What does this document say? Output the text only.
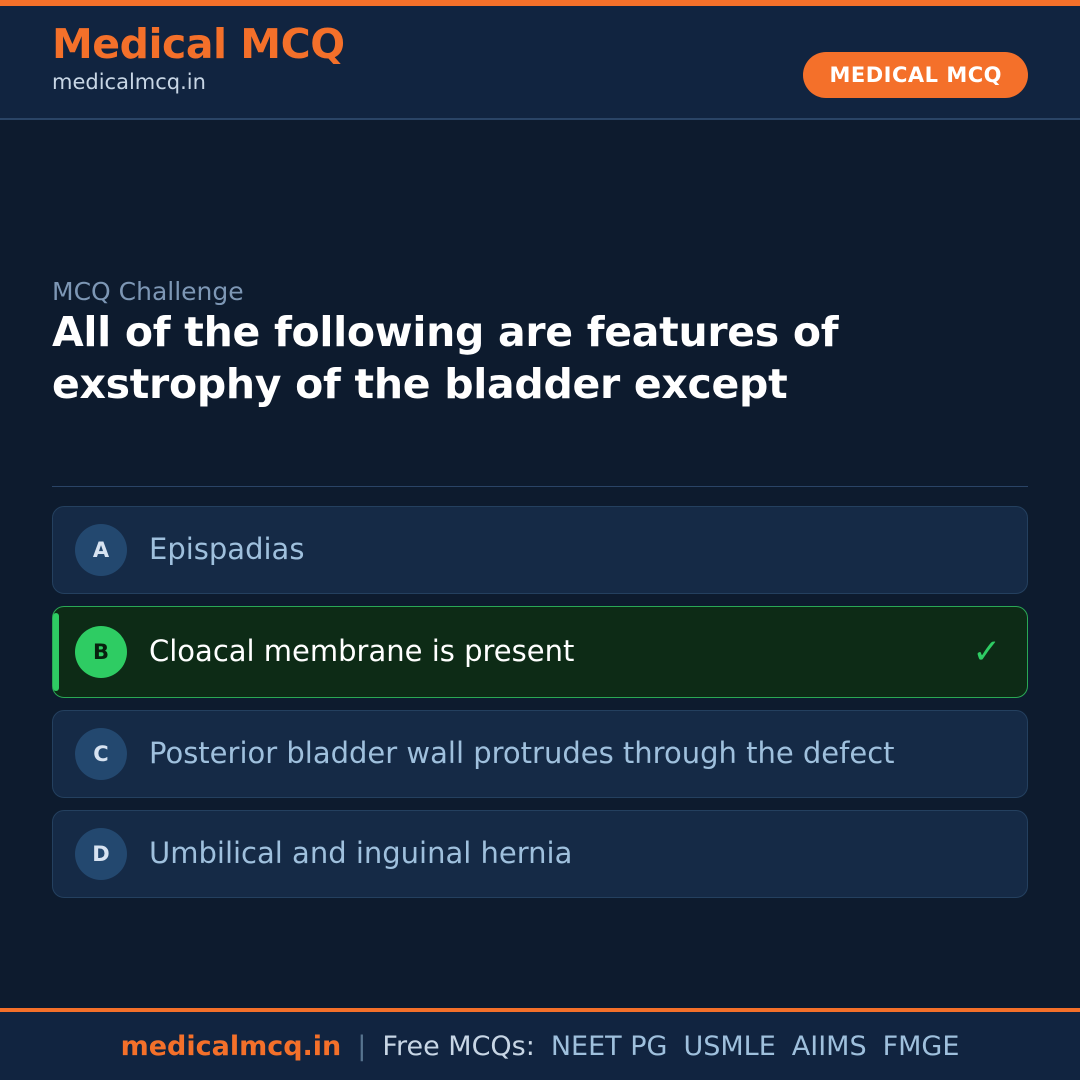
Medical MCQ
medicalmcq.in	MEDICAL MCQ
MCQ Challenge
All of the following are features of exstrophy of the bladder except
A	Epispadias
B	Cloacal membrane is present	✓
C	Posterior bladder wall protrudes through the defect
D	Umbilical and inguinal hernia
medicalmcq.in | Free MCQs: NEET PG USMLE AIIMS FMGE
